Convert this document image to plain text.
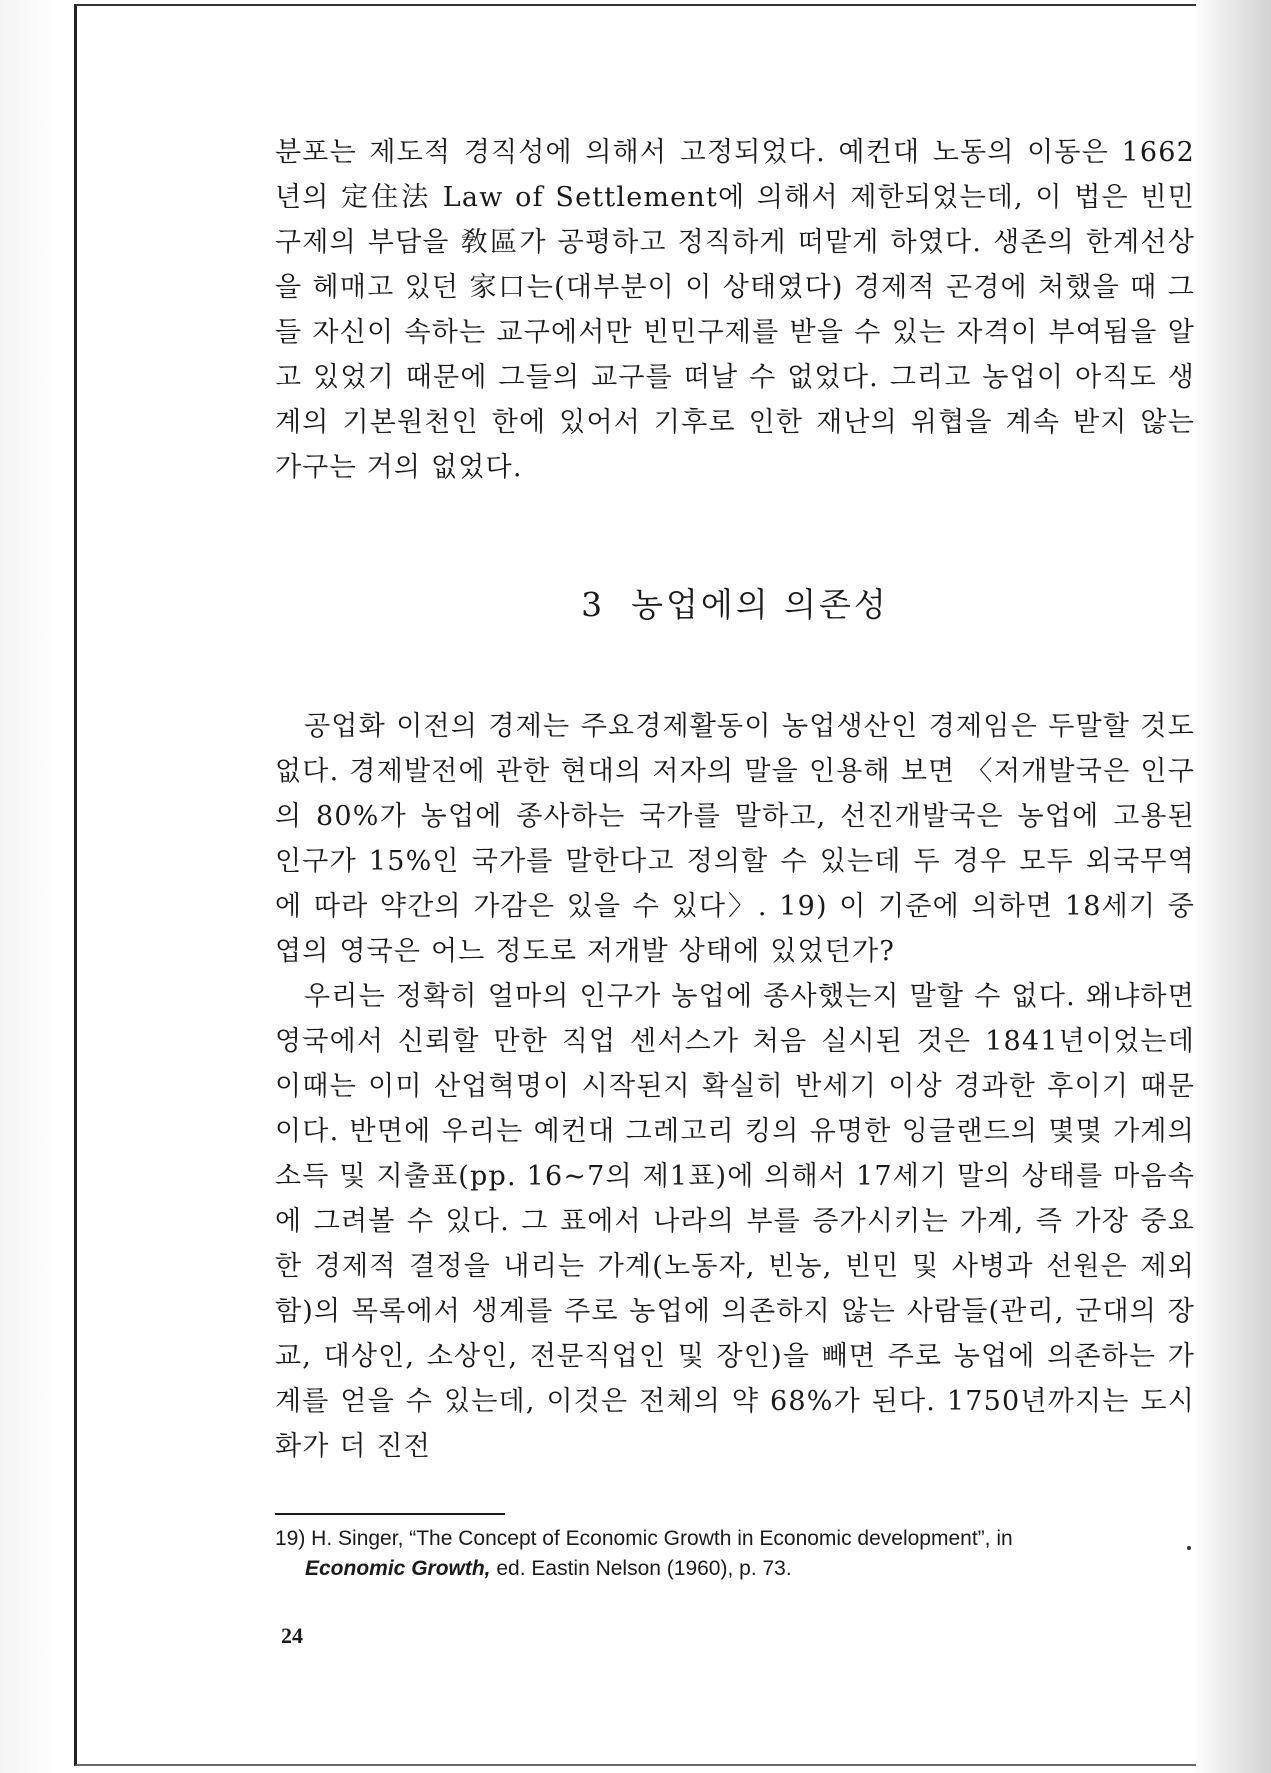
분포는 제도적 경직성에 의해서 고정되었다. 예컨대 노동의 이동은 1662년의 定住法 Law of Settlement에 의해서 제한되었는데, 이 법은 빈민구제의 부담을 敎區가 공평하고 정직하게 떠맡게 하였다. 생존의 한계선상을 헤매고 있던 家口는(대부분이 이 상태였다) 경제적 곤경에 처했을 때 그들 자신이 속하는 교구에서만 빈민구제를 받을 수 있는 자격이 부여됨을 알고 있었기 때문에 그들의 교구를 떠날 수 없었다. 그리고 농업이 아직도 생계의 기본원천인 한에 있어서 기후로 인한 재난의 위협을 계속 받지 않는 가구는 거의 없었다.

3 농업에의 의존성

공업화 이전의 경제는 주요경제활동이 농업생산인 경제임은 두말할 것도 없다. 경제발전에 관한 현대의 저자의 말을 인용해 보면 〈저개발국은 인구의 80%가 농업에 종사하는 국가를 말하고, 선진개발국은 농업에 고용된 인구가 15%인 국가를 말한다고 정의할 수 있는데 두 경우 모두 외국무역에 따라 약간의 가감은 있을 수 있다〉. 19) 이 기준에 의하면 18세기 중엽의 영국은 어느 정도로 저개발 상태에 있었던가?

우리는 정확히 얼마의 인구가 농업에 종사했는지 말할 수 없다. 왜냐하면 영국에서 신뢰할 만한 직업 센서스가 처음 실시된 것은 1841년이었는데 이때는 이미 산업혁명이 시작된지 확실히 반세기 이상 경과한 후이기 때문이다. 반면에 우리는 예컨대 그레고리 킹의 유명한 잉글랜드의 몇몇 가계의 소득 및 지출표(pp. 16~7의 제1표)에 의해서 17세기 말의 상태를 마음속에 그려볼 수 있다. 그 표에서 나라의 부를 증가시키는 가계, 즉 가장 중요한 경제적 결정을 내리는 가계(노동자, 빈농, 빈민 및 사병과 선원은 제외함)의 목록에서 생계를 주로 농업에 의존하지 않는 사람들(관리, 군대의 장교, 대상인, 소상인, 전문직업인 및 장인)을 빼면 주로 농업에 의존하는 가계를 얻을 수 있는데, 이것은 전체의 약 68%가 된다. 1750년까지는 도시화가 더 진전

19) H. Singer, “The Concept of Economic Growth in Economic development”, in
Economic Growth, ed. Eastin Nelson (1960), p. 73.
24
